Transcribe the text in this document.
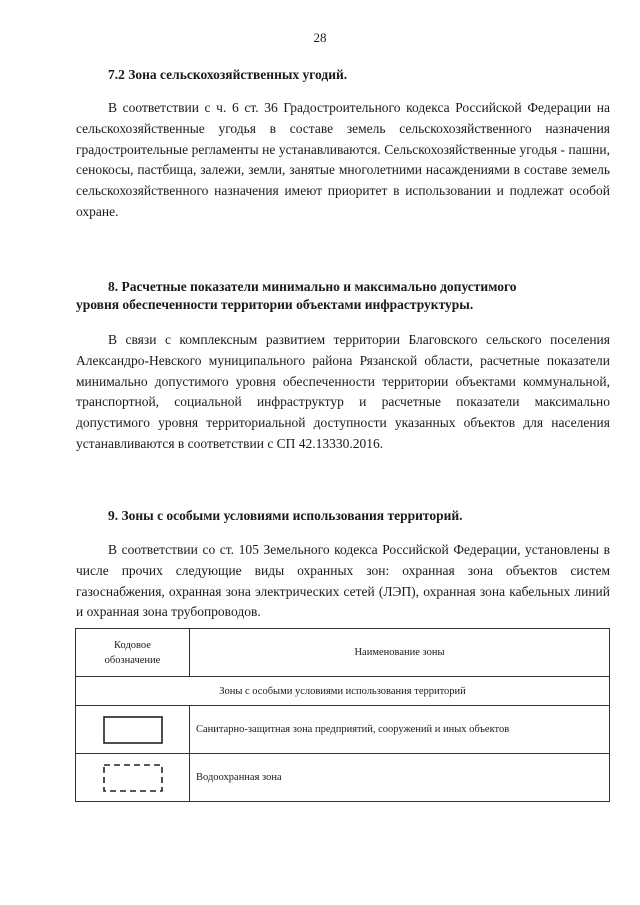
28
7.2 Зона сельскохозяйственных угодий.

В соответствии с ч. 6 ст. 36 Градостроительного кодекса Российской Федерации на сельскохозяйственные угодья в составе земель сельскохозяйственного назначения градостроительные регламенты не устанавливаются. Сельскохозяйственные угодья - пашни, сенокосы, пастбища, залежи, земли, занятые многолетними насаждениями в составе земель сельскохозяйственного назначения имеют приоритет в использовании и подлежат особой охране.

8. Расчетные показатели минимально и максимально допустимого
уровня обеспеченности территории объектами инфраструктуры.

В связи с комплексным развитием территории Благовского сельского поселения Александро-Невского муниципального района Рязанской области, расчетные показатели минимально допустимого уровня обеспеченности территории объектами коммунальной, транспортной, социальной инфраструктур и расчетные показатели максимально допустимого уровня территориальной доступности указанных объектов для населения устанавливаются в соответствии с СП 42.13330.2016.

9. Зоны с особыми условиями использования территорий.

В соответствии со ст. 105 Земельного кодекса Российской Федерации, установлены в числе прочих следующие виды охранных зон: охранная зона объектов систем газоснабжения, охранная зона электрических сетей (ЛЭП), охранная зона кабельных линий и охранная зона трубопроводов.

Кодовое
обозначение	Наименование зоны
Зоны с особыми условиями использования территорий	
	Санитарно-защитная зона предприятий, сооружений и иных объектов
	Водоохранная зона
